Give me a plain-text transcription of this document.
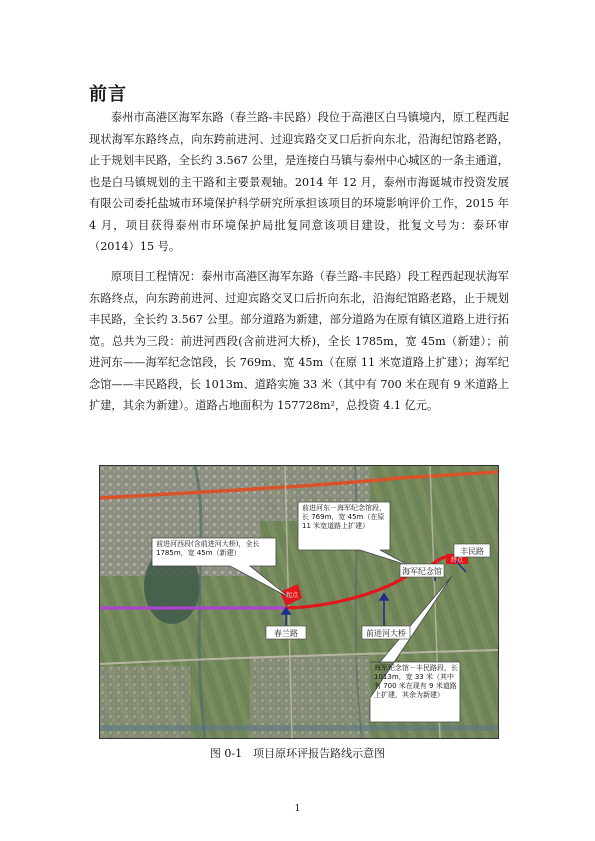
前言

泰州市高港区海军东路（春兰路-丰民路）段位于高港区白马镇境内，原工程西起现状海军东路终点，向东跨前进河、过迎宾路交叉口后折向东北，沿海纪馆路老路，止于规划丰民路，全长约 3.567 公里，是连接白马镇与泰州中心城区的一条主通道，也是白马镇规划的主干路和主要景观轴。2014 年 12 月，泰州市海诞城市投资发展有限公司委托盐城市环境保护科学研究所承担该项目的环境影响评价工作，2015 年 4 月，项目获得泰州市环境保护局批复同意该项目建设，批复文号为：泰环审（2014）15 号。

原项目工程情况：泰州市高港区海军东路（春兰路-丰民路）段工程西起现状海军东路终点，向东跨前进河、过迎宾路交叉口后折向东北，沿海纪馆路老路，止于规划丰民路，全长约 3.567 公里。部分道路为新建，部分道路为在原有镇区道路上进行拓宽。总共为三段：前进河西段(含前进河大桥)，全长 1785m，宽 45m（新建）；前进河东——海军纪念馆段，长 769m、宽 45m（在原 11 米宽道路上扩建）；海军纪念馆——丰民路段，长 1013m、道路实施 33 米（其中有 700 米在现有 9 米道路上扩建，其余为新建）。道路占地面积为 157728m²，总投资 4.1 亿元。

前进河东－海军纪念馆段，长 769m，宽 45m（在原 11 米宽道路上扩建）
前进河西段(含前进河大桥)，全长 1785m，宽 45m（新建）
海军纪念馆－丰民路段，长 1013m，宽 33 米（其中有 700 米在现有 9 米道路上扩建，其余为新建）
春兰路	前进河大桥
海军纪念馆
丰民路
起点
终点
图 0-1　项目原环评报告路线示意图
1
